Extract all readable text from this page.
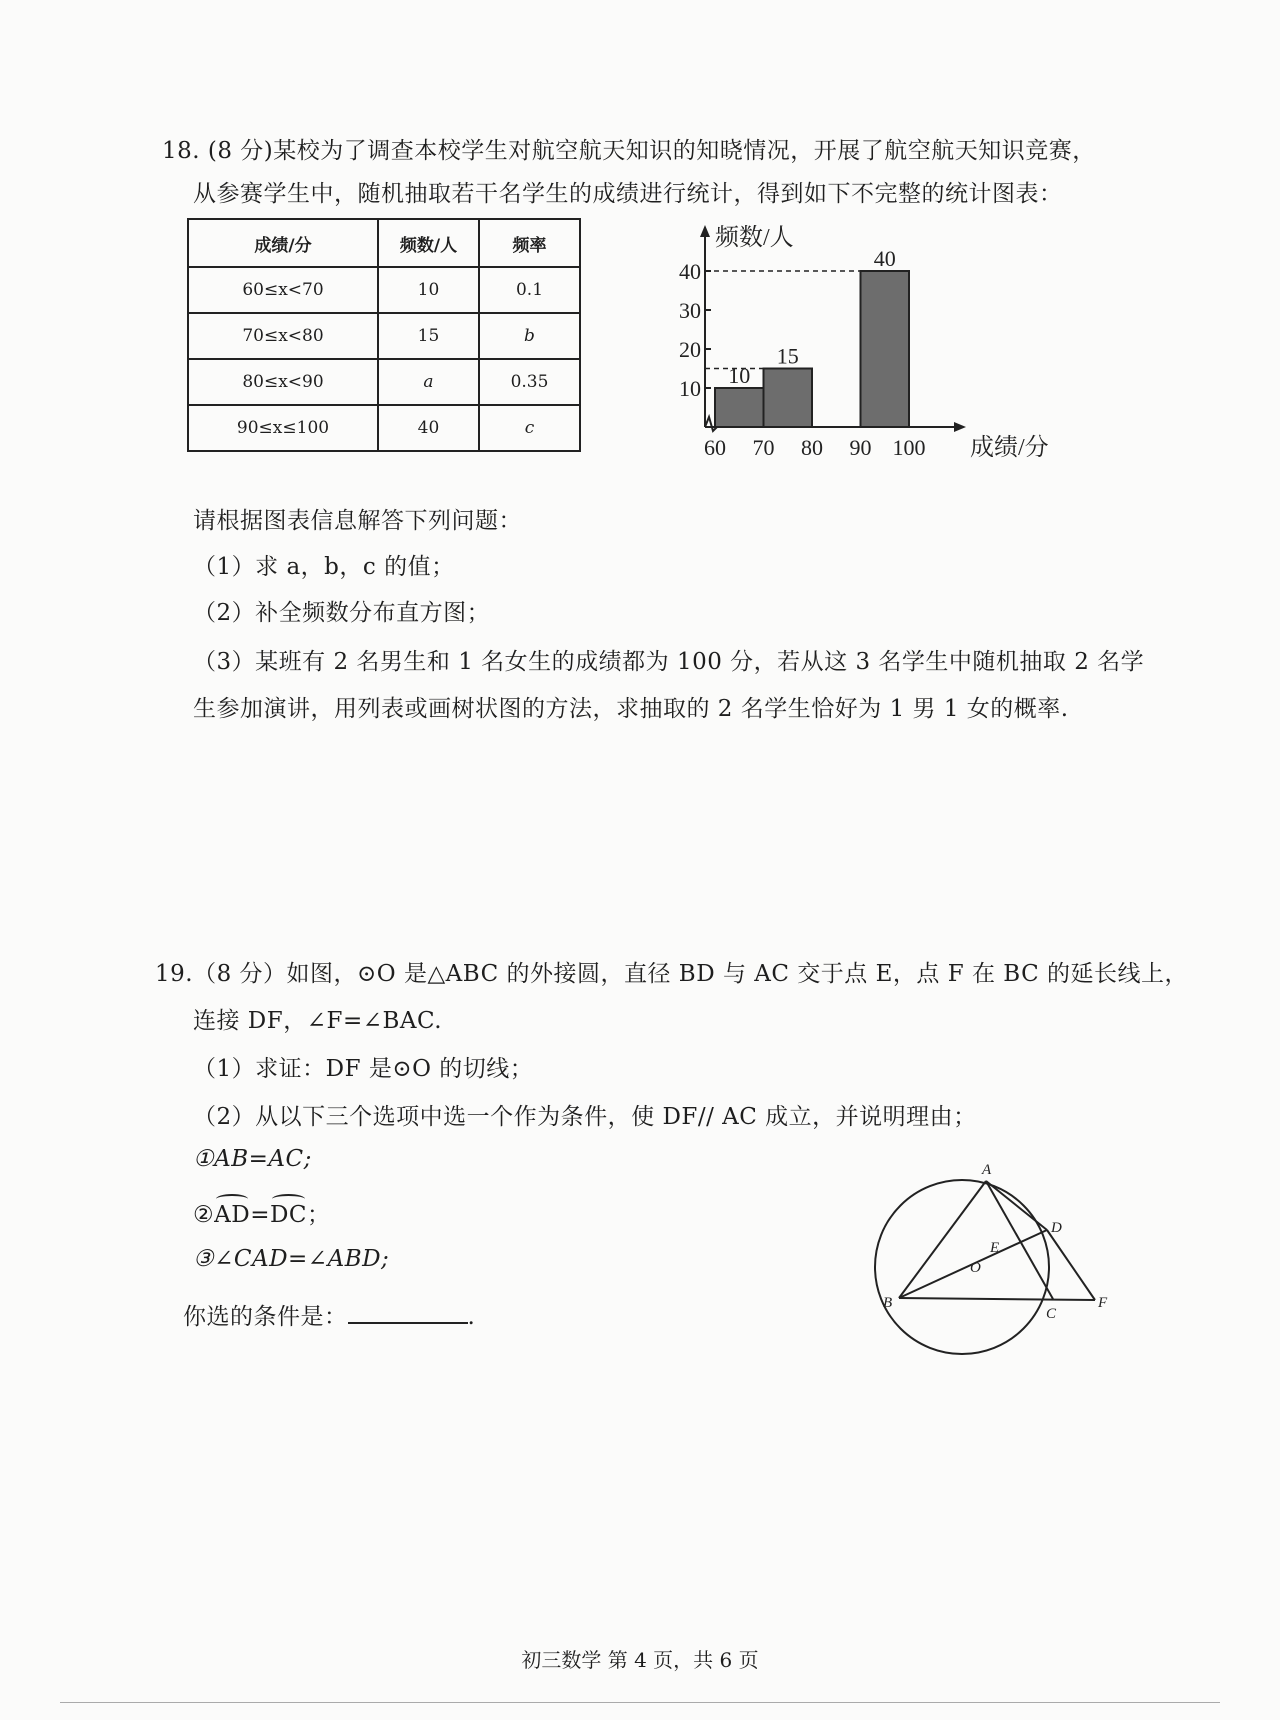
18. (8 分)某校为了调查本校学生对航空航天知识的知晓情况，开展了航空航天知识竞赛，
从参赛学生中，随机抽取若干名学生的成绩进行统计，得到如下不完整的统计图表：
成绩/分	频数/人	频率
60≤x<70	10	0.1
70≤x<80	15	b
80≤x<90	a	0.35
90≤x≤100	40	c
10
15
40
10
20
30
40
60 70 80 90 100
频数/人
成绩/分
请根据图表信息解答下列问题：
（1）求 a，b，c 的值；
（2）补全频数分布直方图；
（3）某班有 2 名男生和 1 名女生的成绩都为 100 分，若从这 3 名学生中随机抽取 2 名学
生参加演讲，用列表或画树状图的方法，求抽取的 2 名学生恰好为 1 男 1 女的概率.
19.（8 分）如图，⊙O 是△ABC 的外接圆，直径 BD 与 AC 交于点 E，点 F 在 BC 的延长线上，
连接 DF，∠F=∠BAC.
（1）求证：DF 是⊙O 的切线；
（2）从以下三个选项中选一个作为条件，使 DF// AC 成立，并说明理由；
①AB=AC;
②
AD=
DC；
③∠CAD=∠ABD;
你选的条件是：	.
A
B
C
D
E
F
O
初三数学 第 4 页，共 6 页
